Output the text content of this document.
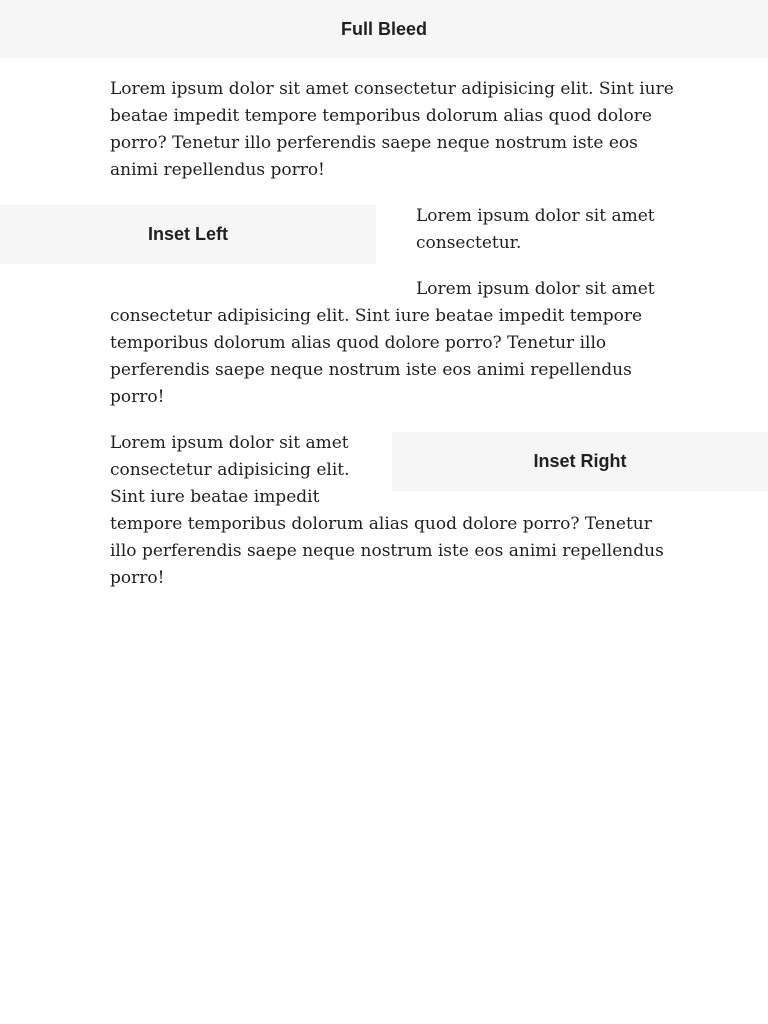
Full Bleed

Lorem ipsum dolor sit amet consectetur adipisicing elit. Sint iure
beatae impedit tempore temporibus dolorum alias quod dolore
porro? Tenetur illo perferendis saepe neque nostrum iste eos
animi repellendus porro!

Inset Left

Lorem ipsum dolor sit amet
consectetur.

Lorem ipsum dolor sit amet

consectetur adipisicing elit. Sint iure beatae impedit tempore
temporibus dolorum alias quod dolore porro? Tenetur illo
perferendis saepe neque nostrum iste eos animi repellendus
porro!

Inset Right

Lorem ipsum dolor sit amet
consectetur adipisicing elit.
Sint iure beatae impedit
tempore temporibus dolorum alias quod dolore porro? Tenetur
illo perferendis saepe neque nostrum iste eos animi repellendus
porro!
